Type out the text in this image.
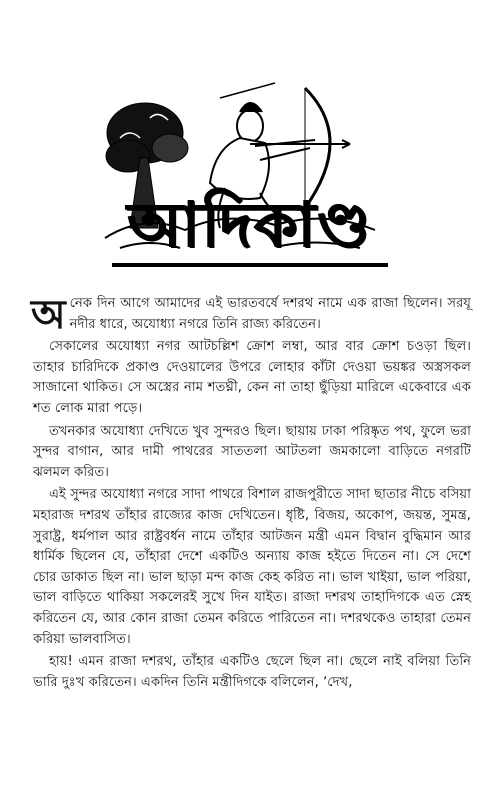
আদিকাণ্ড

অনেক দিন আগে আমাদের এই ভারতবর্ষে দশরথ নামে এক রাজা ছিলেন। সরযূ নদীর ধারে, অযোধ্যা নগরে তিনি রাজ্য করিতেন।

সেকালের অযোধ্যা নগর আটচল্লিশ ক্রোশ লম্বা, আর বার ক্রোশ চওড়া ছিল। তাহার চারিদিকে প্রকাণ্ড দেওয়ালের উপরে লোহার কাঁটা দেওয়া ভয়ঙ্কর অস্ত্রসকল সাজানো থাকিত। সে অস্ত্রের নাম শতঘ্নী, কেন না তাহা ছুঁড়িয়া মারিলে একেবারে এক শত লোক মারা পড়ে।

তখনকার অযোধ্যা দেখিতে খুব সুন্দরও ছিল। ছায়ায় ঢাকা পরিষ্কৃত পথ, ফুলে ভরা সুন্দর বাগান, আর দামী পাথরের সাততলা আটতলা জমকালো বাড়িতে নগরটি ঝলমল করিত।

এই সুন্দর অযোধ্যা নগরে সাদা পাথরে বিশাল রাজপুরীতে সাদা ছাতার নীচে বসিয়া মহারাজ দশরথ তাঁহার রাজ্যের কাজ দেখিতেন। ধৃষ্টি, বিজয়, অকোপ, জয়ন্ত, সুমন্ত্র, সুরাষ্ট্র, ধর্মপাল আর রাষ্ট্রবর্ধন নামে তাঁহার আটজন মন্ত্রী এমন বিদ্বান বুদ্ধিমান আর ধার্মিক ছিলেন যে, তাঁহারা দেশে একটিও অন্যায় কাজ হইতে দিতেন না। সে দেশে চোর ডাকাত ছিল না। ভাল ছাড়া মন্দ কাজ কেহ করিত না। ভাল খাইয়া, ভাল পরিয়া, ভাল বাড়িতে থাকিয়া সকলেরই সুখে দিন যাইত। রাজা দশরথ তাহাদিগকে এত স্নেহ করিতেন যে, আর কোন রাজা তেমন করিতে পারিতেন না। দশরথকেও তাহারা তেমন করিয়া ভালবাসিত।

হায়! এমন রাজা দশরথ, তাঁহার একটিও ছেলে ছিল না। ছেলে নাই বলিয়া তিনি ভারি দুঃখ করিতেন। একদিন তিনি মন্ত্রীদিগকে বলিলেন, ‘দেখ,
